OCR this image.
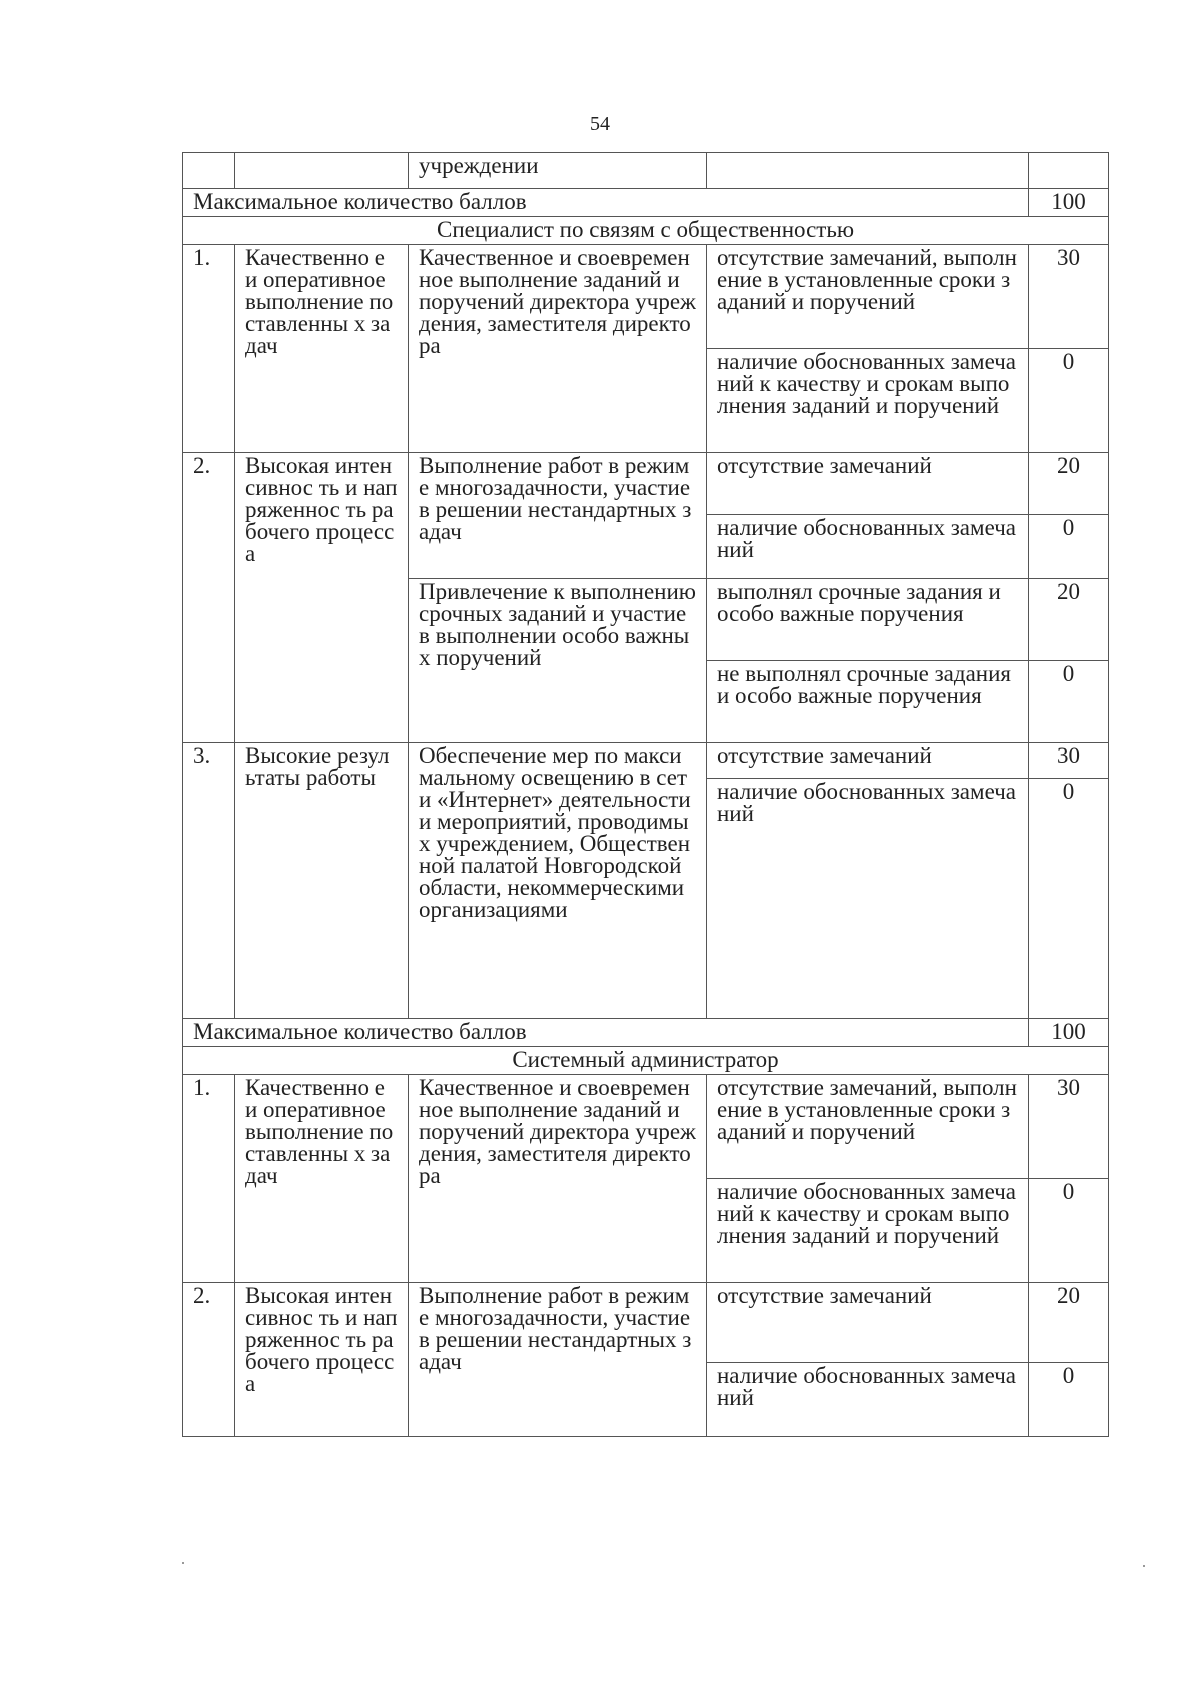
54
		учреждении		
Максимальное количество баллов				100
Специалист по связям с общественностью				
1.	Качественно е и оперативное выполнение поставленны х задач	Качественное и своевременное выполнение заданий и поручений директора учреждения, заместителя директора	отсутствие замечаний, выполнение в установленные сроки заданий и поручений	30
			наличие обоснованных замечаний к качеству и срокам выполнения заданий и поручений	0
2.	Высокая интенсивнос ть и напряженнос ть рабочего процесса	Выполнение работ в режиме многозадачности, участие в решении нестандартных задач	отсутствие замечаний	20
			наличие обоснованных замечаний	0
		Привлечение к выполнению срочных заданий и участие в выполнении особо важных поручений	выполнял срочные задания и особо важные поручения	20
			не выполнял срочные задания и особо важные поручения	0
3.	Высокие результаты работы	Обеспечение мер по максимальному освещению в сети «Интернет» деятельности и мероприятий, проводимых учреждением, Общественной палатой Новгородской области, некоммерческими организациями	отсутствие замечаний	30
			наличие обоснованных замечаний	0
Максимальное количество баллов				100
Системный администратор				
1.	Качественно е и оперативное выполнение поставленны х задач	Качественное и своевременное выполнение заданий и поручений директора учреждения, заместителя директора	отсутствие замечаний, выполнение в установленные сроки заданий и поручений	30
			наличие обоснованных замечаний к качеству и срокам выполнения заданий и поручений	0
2.	Высокая интенсивнос ть и напряженнос ть рабочего процесса	Выполнение работ в режиме многозадачности, участие в решении нестандартных задач	отсутствие замечаний	20
			наличие обоснованных замечаний	0
